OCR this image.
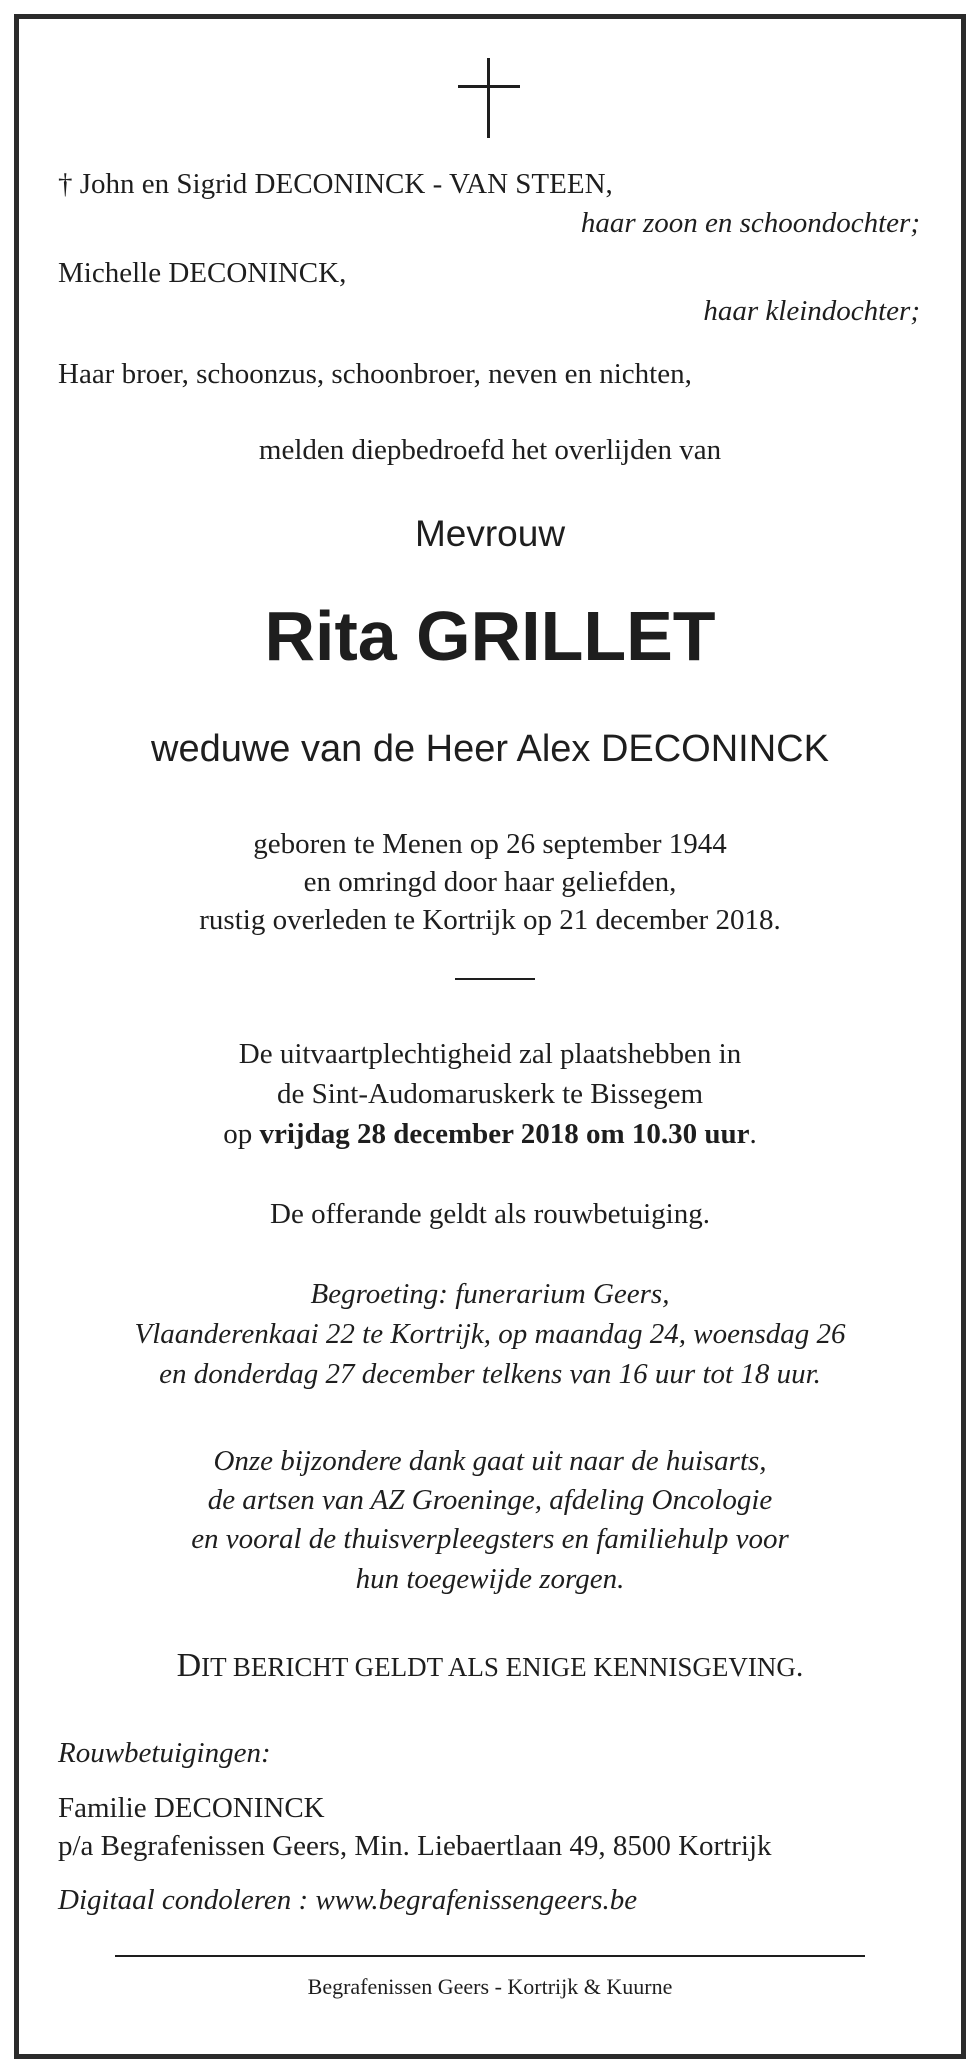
† John en Sigrid DECONINCK - VAN STEEN,
haar zoon en schoondochter;
Michelle DECONINCK,
haar kleindochter;
Haar broer, schoonzus, schoonbroer, neven en nichten,
melden diepbedroefd het overlijden van
Mevrouw
Rita GRILLET
weduwe van de Heer Alex DECONINCK
geboren te Menen op 26 september 1944
en omringd door haar geliefden,
rustig overleden te Kortrijk op 21 december 2018.
De uitvaartplechtigheid zal plaatshebben in
de Sint-Audomaruskerk te Bissegem
op vrijdag 28 december 2018 om 10.30 uur.
De offerande geldt als rouwbetuiging.
Begroeting: funerarium Geers,
Vlaanderenkaai 22 te Kortrijk, op maandag 24, woensdag 26
en donderdag 27 december telkens van 16 uur tot 18 uur.
Onze bijzondere dank gaat uit naar de huisarts,
de artsen van AZ Groeninge, afdeling Oncologie
en vooral de thuisverpleegsters en familiehulp voor
hun toegewijde zorgen.
DIT BERICHT GELDT ALS ENIGE KENNISGEVING.
Rouwbetuigingen:
Familie DECONINCK
p/a Begrafenissen Geers, Min. Liebaertlaan 49, 8500 Kortrijk
Digitaal condoleren : www.begrafenissengeers.be
Begrafenissen Geers - Kortrijk & Kuurne
